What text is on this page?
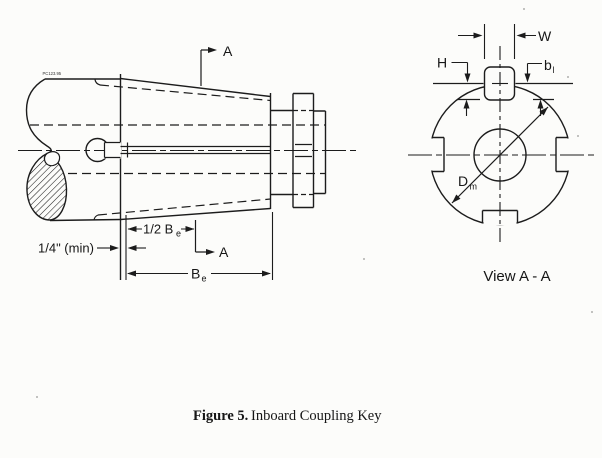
A
A
1/4" (min)
1/2 B e
B e
PC123.95
W
H	b l
D m
View A - A
Figure 5. Inboard Coupling Key
